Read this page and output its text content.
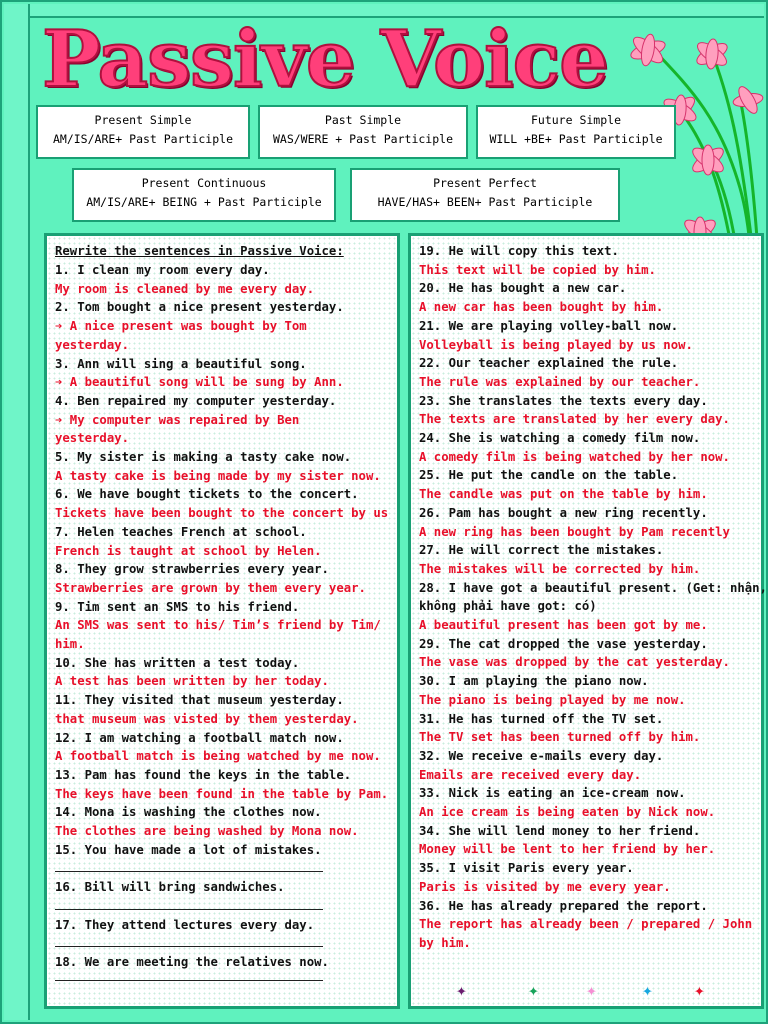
Passive Voice
Present Simple
AM/IS/ARE+ Past Participle
Past Simple
WAS/WERE + Past Participle
Future Simple
WILL +BE+ Past Participle
Present Continuous
AM/IS/ARE+ BEING + Past Participle
Present Perfect
HAVE/HAS+ BEEN+ Past Participle
Rewrite the sentences in Passive Voice:
1. I clean my room every day.
My room is cleaned by me every day.
2. Tom bought a nice present yesterday.
➔ A nice present was bought by Tom
yesterday.
3. Ann will sing a beautiful song.
➔ A beautiful song will be sung by Ann.
4. Ben repaired my computer yesterday.
➔ My computer was repaired by Ben
yesterday.
5. My sister is making a tasty cake now.
A tasty cake is being made by my sister now.
6. We have bought tickets to the concert.
Tickets have been bought to the concert by us
7. Helen teaches French at school.
French is taught at school by Helen.
8. They grow strawberries every year.
Strawberries are grown by them every year.
9. Tim sent an SMS to his friend.
An SMS was sent to his/ Tim’s friend by Tim/
him.
10. She has written a test today.
A test has been written by her today.
11. They visited that museum yesterday.
that museum was visted by them yesterday.
12. I am watching a football match now.
A football match is being watched by me now.
13. Pam has found the keys in the table.
The keys have been found in the table by Pam.
14. Mona is washing the clothes now.
The clothes are being washed by Mona now.
15. You have made a lot of mistakes.
16. Bill will bring sandwiches.
17. They attend lectures every day.
18. We are meeting the relatives now.
19. He will copy this text.
This text will be copied by him.
20. He has bought a new car.
A new car has been bought by him.
21. We are playing volley-ball now.
Volleyball is being played by us now.
22. Our teacher explained the rule.
The rule was explained by our teacher.
23. She translates the texts every day.
The texts are translated by her every day.
24. She is watching a comedy film now.
A comedy film is being watched by her now.
25. He put the candle on the table.
The candle was put on the table by him.
26. Pam has bought a new ring recently.
A new ring has been bought by Pam recently
27. He will correct the mistakes.
The mistakes will be corrected by him.
28. I have got a beautiful present. (Get: nhận,
không phải have got: có)
A beautiful present has been got by me.
29. The cat dropped the vase yesterday.
The vase was dropped by the cat yesterday.
30. I am playing the piano now.
The piano is being played by me now.
31. He has turned off the TV set.
The TV set has been turned off by him.
32. We receive e-mails every day.
Emails are received every day.
33. Nick is eating an ice-cream now.
An ice cream is being eaten by Nick now.
34. She will lend money to her friend.
Money will be lent to her friend by her.
35. I visit Paris every year.
Paris is visited by me every year.
36. He has already prepared the report.
The report has already been / prepared / John
by him.
✦	✦	✦	✦ ✦
